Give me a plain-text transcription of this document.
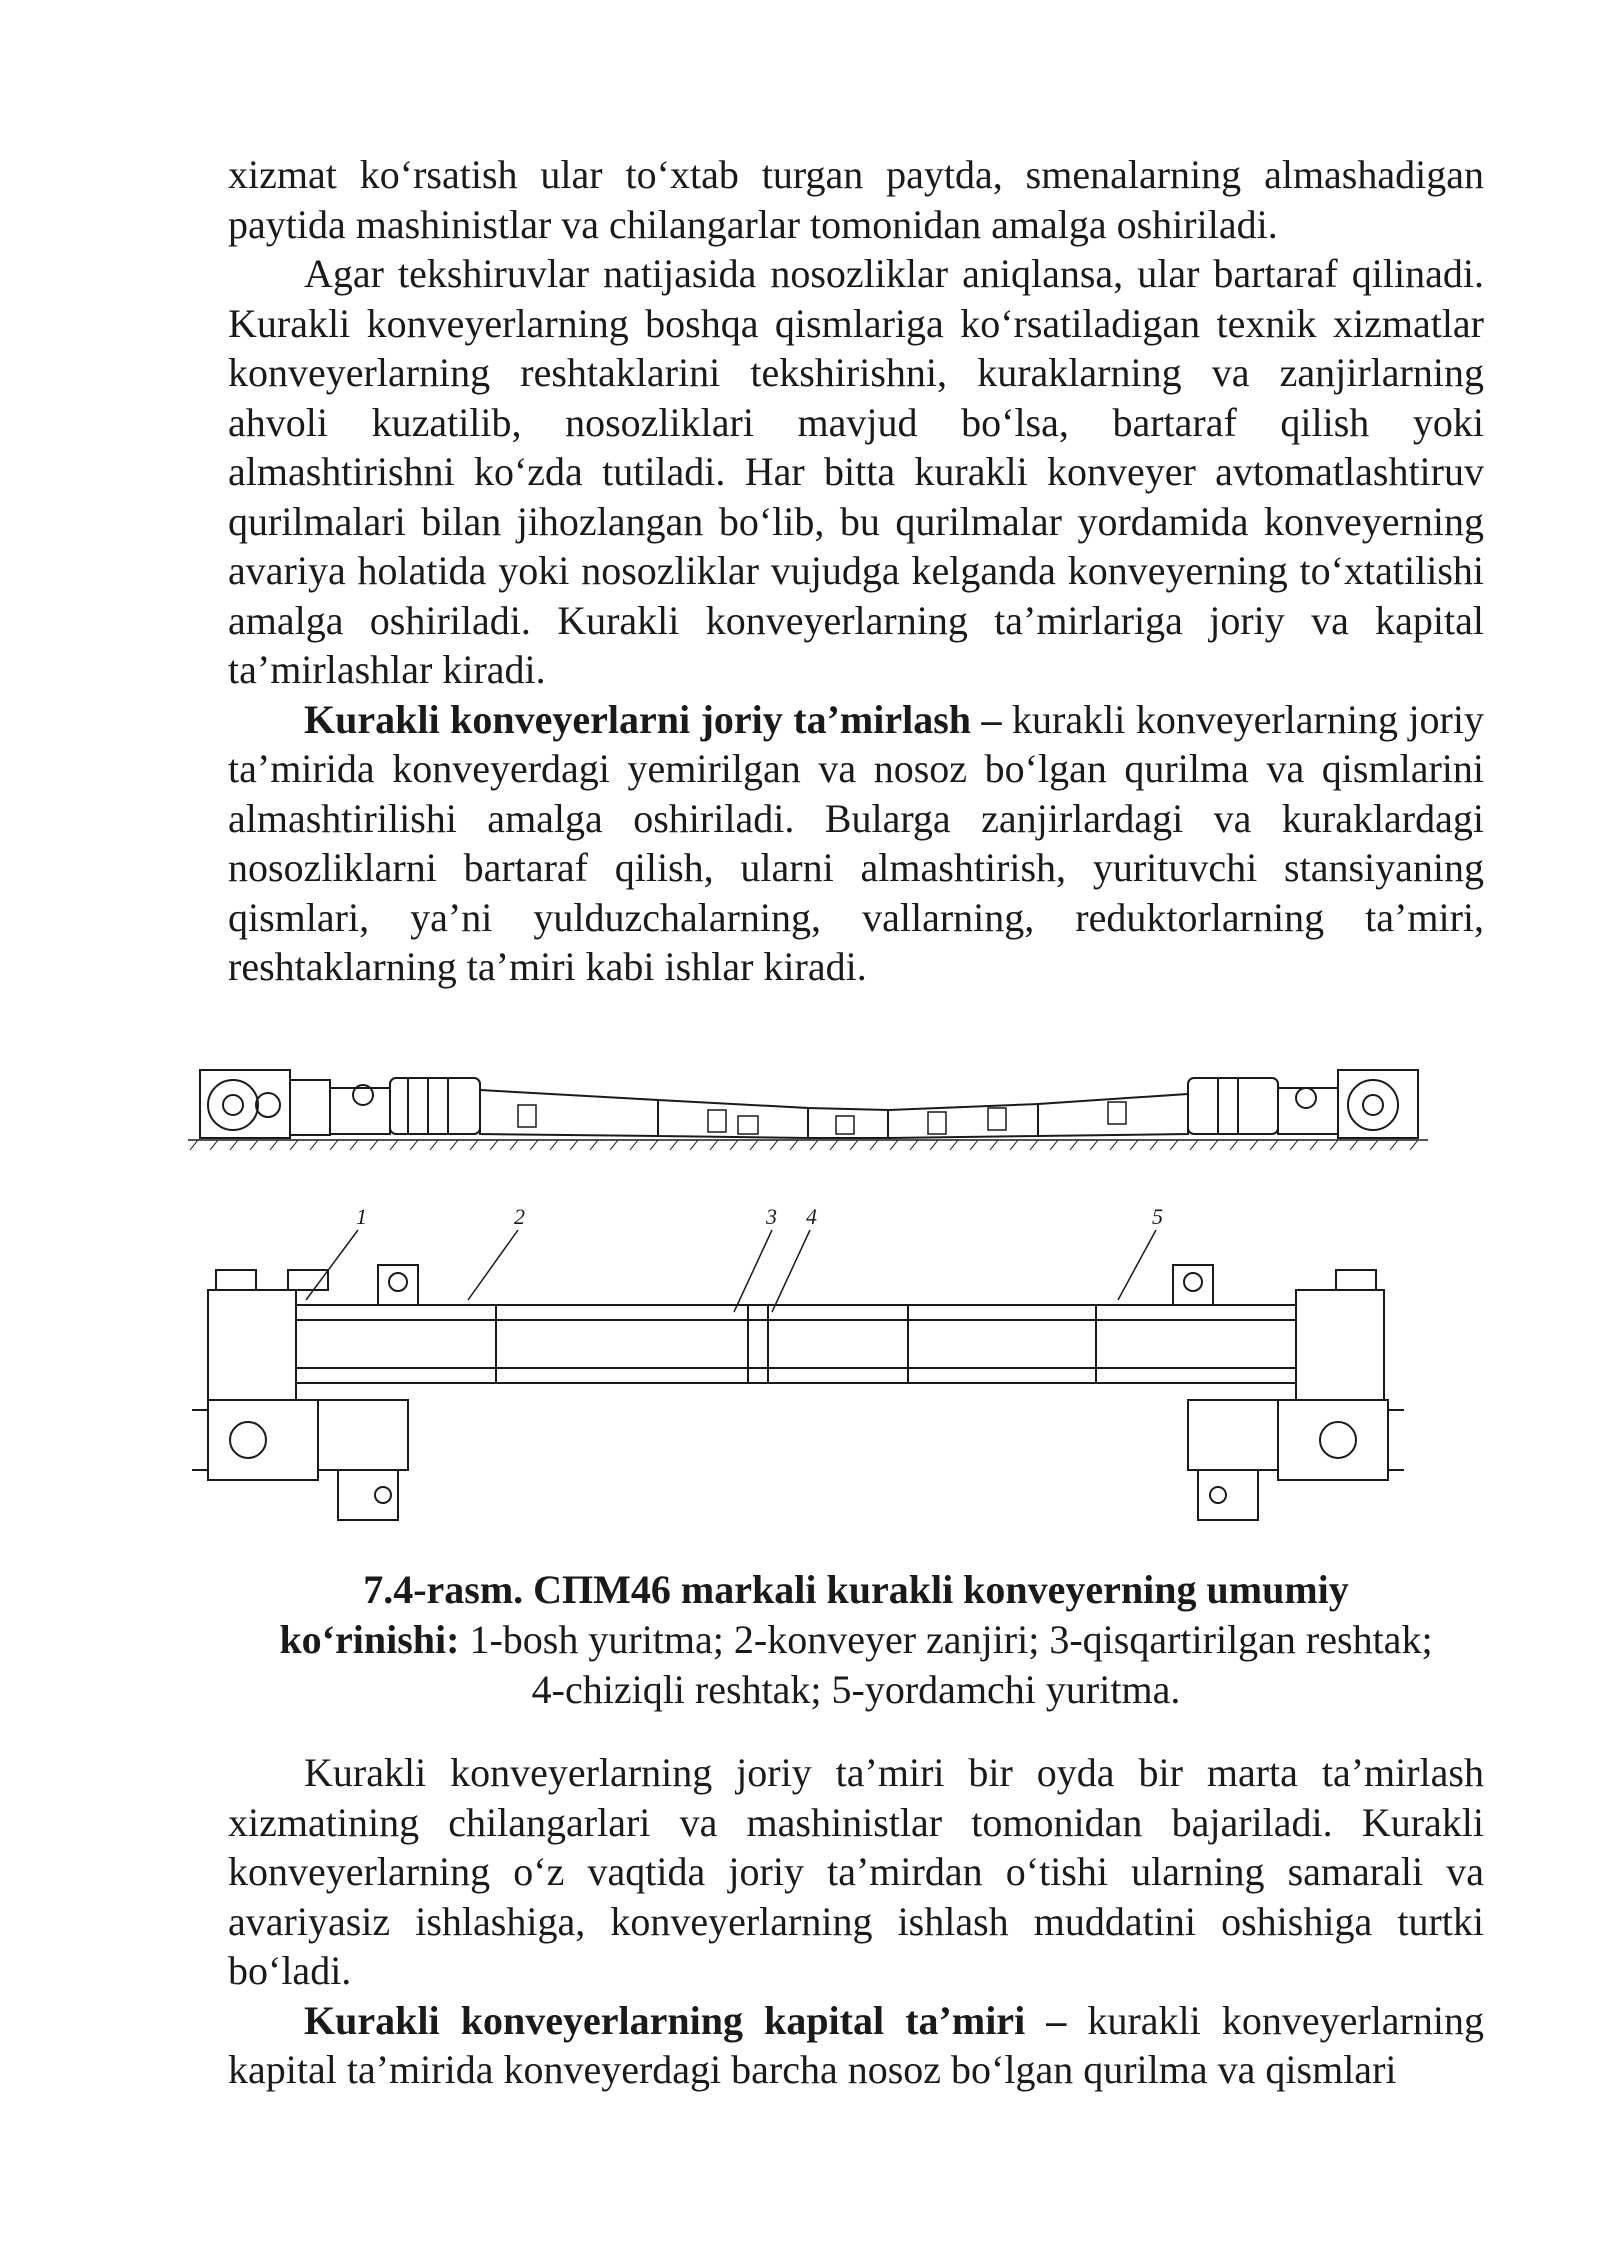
xizmat ko‘rsatish ular to‘xtab turgan paytda, smenalarning almashadigan paytida mashinistlar va chilangarlar tomonidan amalga oshiriladi.

Agar tekshiruvlar natijasida nosozliklar aniqlansa, ular bartaraf qilinadi. Kurakli konveyerlarning boshqa qismlariga ko‘rsatiladigan texnik xizmatlar konveyerlarning reshtaklarini tekshirishni, kuraklarning va zanjirlarning ahvoli kuzatilib, nosozliklari mavjud bo‘lsa, bartaraf qilish yoki almashtirishni ko‘zda tutiladi. Har bitta kurakli konveyer avtomatlashtiruv qurilmalari bilan jihozlangan bo‘lib, bu qurilmalar yordamida konveyerning avariya holatida yoki nosozliklar vujudga kelganda konveyerning to‘xtatilishi amalga oshiriladi. Kurakli konveyerlarning ta’mirlariga joriy va kapital ta’mirlashlar kiradi.

Kurakli konveyerlarni joriy ta’mirlash – kurakli konveyerlarning joriy ta’mirida konveyerdagi yemirilgan va nosoz bo‘lgan qurilma va qismlarini almashtirilishi amalga oshiriladi. Bularga zanjirlardagi va kuraklardagi nosozliklarni bartaraf qilish, ularni almashtirish, yurituvchi stansiyaning qismlari, ya’ni yulduzchalarning, vallarning, reduktorlarning ta’miri, reshtaklarning ta’miri kabi ishlar kiradi.

1	2	3 4	5

7.4-rasm. СПМ46 markali kurakli konveyerning umumiy

ko‘rinishi: 1-bosh yuritma; 2-konveyer zanjiri; 3-qisqartirilgan reshtak;

4-chiziqli reshtak; 5-yordamchi yuritma.

Kurakli konveyerlarning joriy ta’miri bir oyda bir marta ta’mirlash xizmatining chilangarlari va mashinistlar tomonidan bajariladi. Kurakli konveyerlarning o‘z vaqtida joriy ta’mirdan o‘tishi ularning samarali va avariyasiz ishlashiga, konveyerlarning ishlash muddatini oshishiga turtki bo‘ladi.

Kurakli konveyerlarning kapital ta’miri – kurakli konveyerlarning kapital ta’mirida konveyerdagi barcha nosoz bo‘lgan qurilma va qismlari
